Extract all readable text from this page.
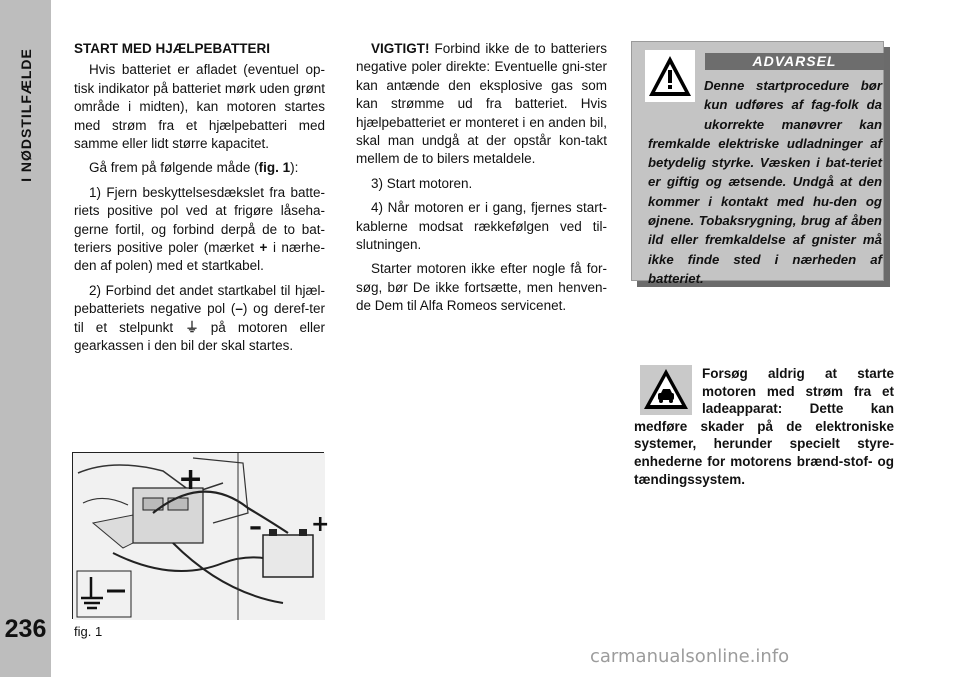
I NØDSTILFÆLDE
236
START MED HJÆLPEBATTERI

Hvis batteriet er afladet (eventuel op-tisk indikator på batteriet mørk uden grønt område i midten), kan motoren startes med strøm fra et hjælpebatteri med samme eller lidt større kapacitet.

Gå frem på følgende måde (fig. 1):

1) Fjern beskyttelsesdækslet fra batte-riets positive pol ved at frigøre låseha-gerne fortil, og forbind derpå de to bat-teriers positive poler (mærket + i nærhe-den af polen) med et startkabel.

2) Forbind det andet startkabel til hjæl-pebatteriets negative pol (–) og deref-ter til et stelpunkt ⏚ på motoren eller gearkassen i den bil der skal startes.

VIGTIGT! Forbind ikke de to batteriers negative poler direkte: Eventuelle gni-ster kan antænde den eksplosive gas som kan strømme ud fra batteriet. Hvis hjælpebatteriet er monteret i en anden bil, skal man undgå at der opstår kon-takt mellem de to bilers metaldele.

3) Start motoren.

4) Når motoren er i gang, fjernes start-kablerne modsat rækkefølgen ved til-slutningen.

Starter motoren ikke efter nogle få for-søg, bør De ikke fortsætte, men henven-de Dem til Alfa Romeos servicenet.

ADVARSEL
Denne startprocedure bør kun udføres af fag-folk da ukorrekte manøvrer kan fremkalde elektriske udladninger af betydelig styrke. Væsken i bat-teriet er giftig og ætsende. Undgå at den kommer i kontakt med hu-den og øjnene. Tobaksrygning, brug af åben ild eller fremkaldelse af gnister må ikke finde sted i nærheden af batteriet.
Forsøg aldrig at starte motoren med strøm fra et ladeapparat: Dette kan medføre skader på de elektroniske systemer, herunder specielt styre-enhederne for motorens brænd-stof- og tændingssystem.
+
– +
fig. 1
carmanualsonline.info
